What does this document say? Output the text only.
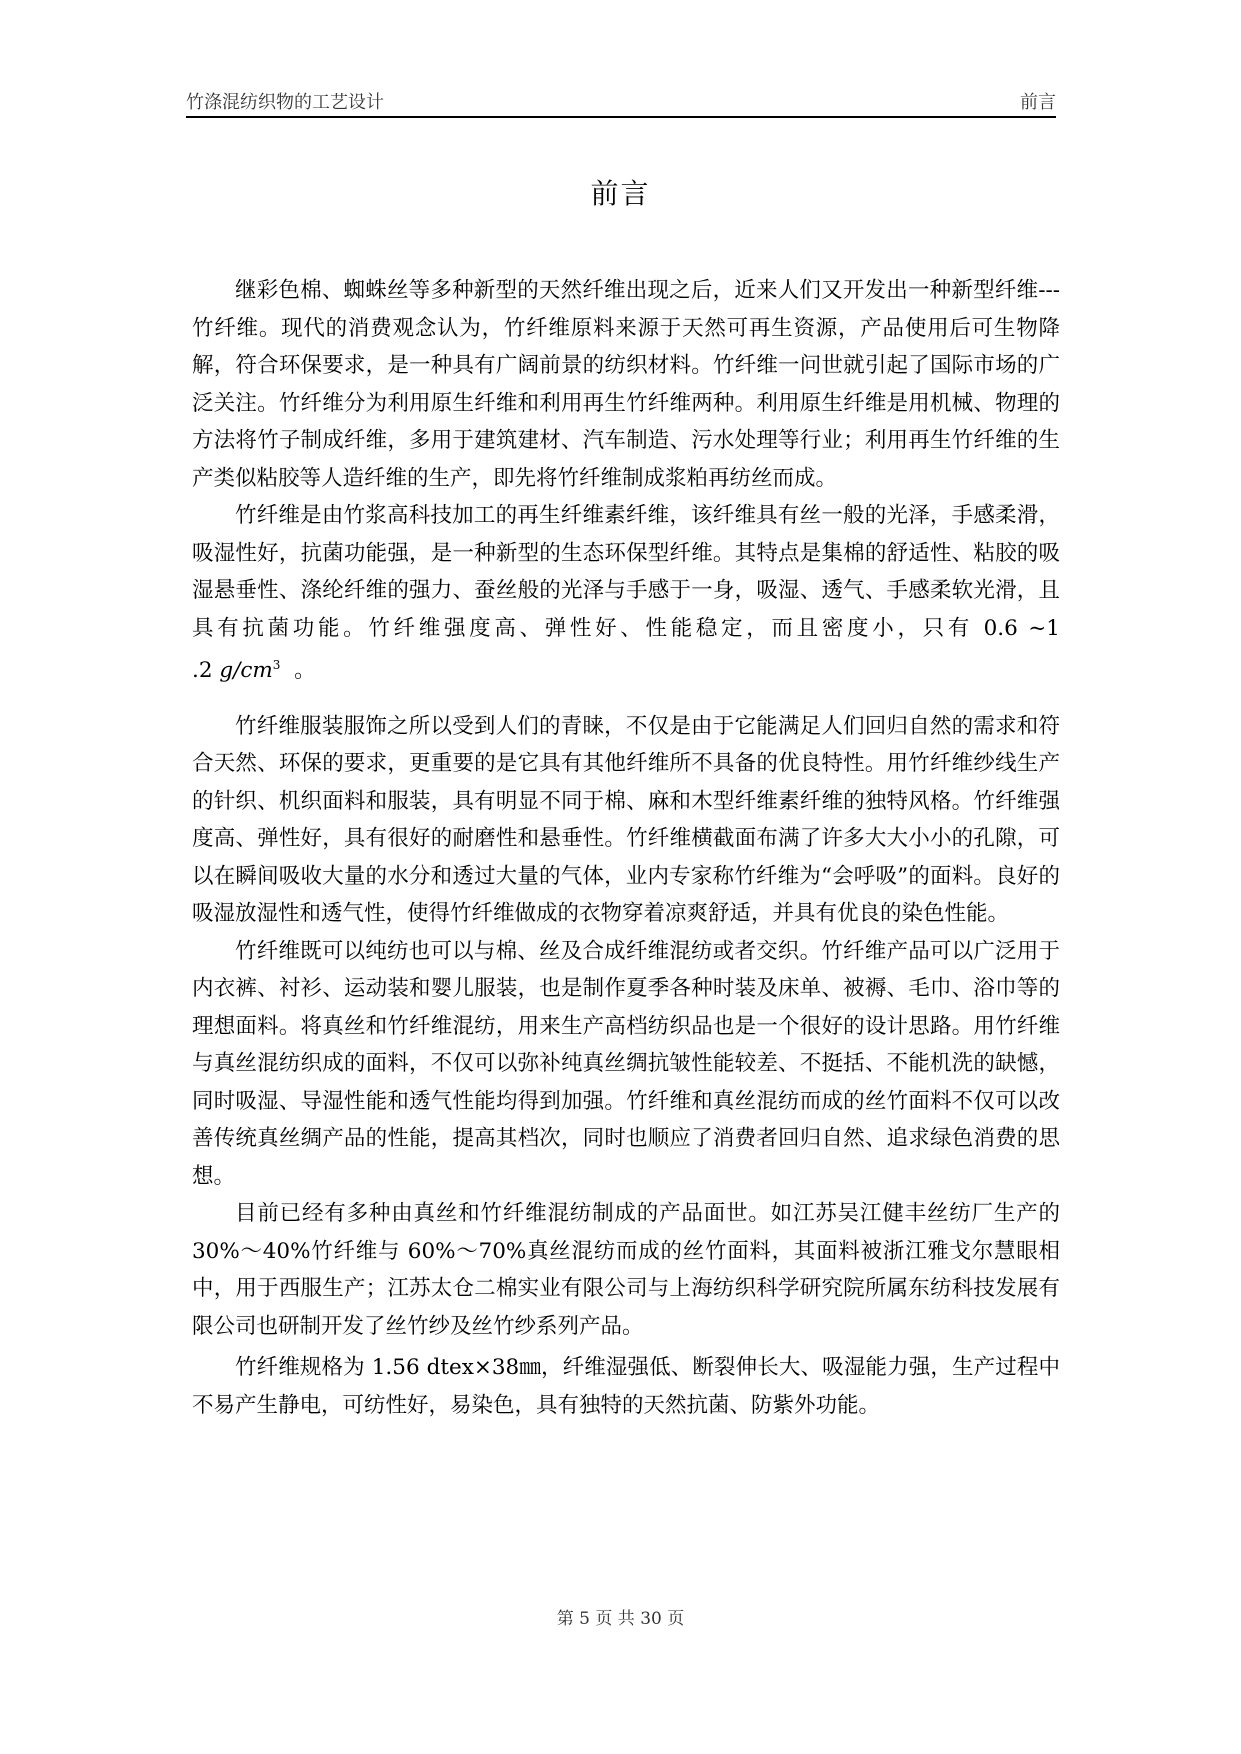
竹涤混纺织物的工艺设计	前言
前言

继彩色棉、蜘蛛丝等多种新型的天然纤维出现之后，近来人们又开发出一种新型纤维---竹纤维。现代的消费观念认为，竹纤维原料来源于天然可再生资源，产品使用后可生物降解，符合环保要求，是一种具有广阔前景的纺织材料。竹纤维一问世就引起了国际市场的广泛关注。竹纤维分为利用原生纤维和利用再生竹纤维两种。利用原生纤维是用机械、物理的方法将竹子制成纤维，多用于建筑建材、汽车制造、污水处理等行业；利用再生竹纤维的生产类似粘胶等人造纤维的生产，即先将竹纤维制成浆粕再纺丝而成。

竹纤维是由竹浆高科技加工的再生纤维素纤维，该纤维具有丝一般的光泽，手感柔滑，吸湿性好，抗菌功能强，是一种新型的生态环保型纤维。其特点是集棉的舒适性、粘胶的吸湿悬垂性、涤纶纤维的强力、蚕丝般的光泽与手感于一身，吸湿、透气、手感柔软光滑，且具有抗菌功能。竹纤维强度高、弹性好、性能稳定，而且密度小，只有 0.6 ~1 .2 $g/cm^3$ 。

竹纤维服装服饰之所以受到人们的青睐，不仅是由于它能满足人们回归自然的需求和符合天然、环保的要求，更重要的是它具有其他纤维所不具备的优良特性。用竹纤维纱线生产的针织、机织面料和服装，具有明显不同于棉、麻和木型纤维素纤维的独特风格。竹纤维强度高、弹性好，具有很好的耐磨性和悬垂性。竹纤维横截面布满了许多大大小小的孔隙，可以在瞬间吸收大量的水分和透过大量的气体，业内专家称竹纤维为“会呼吸”的面料。良好的吸湿放湿性和透气性，使得竹纤维做成的衣物穿着凉爽舒适，并具有优良的染色性能。

竹纤维既可以纯纺也可以与棉、丝及合成纤维混纺或者交织。竹纤维产品可以广泛用于内衣裤、衬衫、运动装和婴儿服装，也是制作夏季各种时装及床单、被褥、毛巾、浴巾等的理想面料。将真丝和竹纤维混纺，用来生产高档纺织品也是一个很好的设计思路。用竹纤维与真丝混纺织成的面料，不仅可以弥补纯真丝绸抗皱性能较差、不挺括、不能机洗的缺憾，同时吸湿、导湿性能和透气性能均得到加强。竹纤维和真丝混纺而成的丝竹面料不仅可以改善传统真丝绸产品的性能，提高其档次，同时也顺应了消费者回归自然、追求绿色消费的思想。

目前已经有多种由真丝和竹纤维混纺制成的产品面世。如江苏吴江健丰丝纺厂生产的 30%～40%竹纤维与 60%～70%真丝混纺而成的丝竹面料，其面料被浙江雅戈尔慧眼相中，用于西服生产；江苏太仓二棉实业有限公司与上海纺织科学研究院所属东纺科技发展有限公司也研制开发了丝竹纱及丝竹纱系列产品。

竹纤维规格为 1.56 dtex×38㎜，纤维湿强低、断裂伸长大、吸湿能力强，生产过程中不易产生静电，可纺性好，易染色，具有独特的天然抗菌、防紫外功能。

第 5 页 共 30 页
